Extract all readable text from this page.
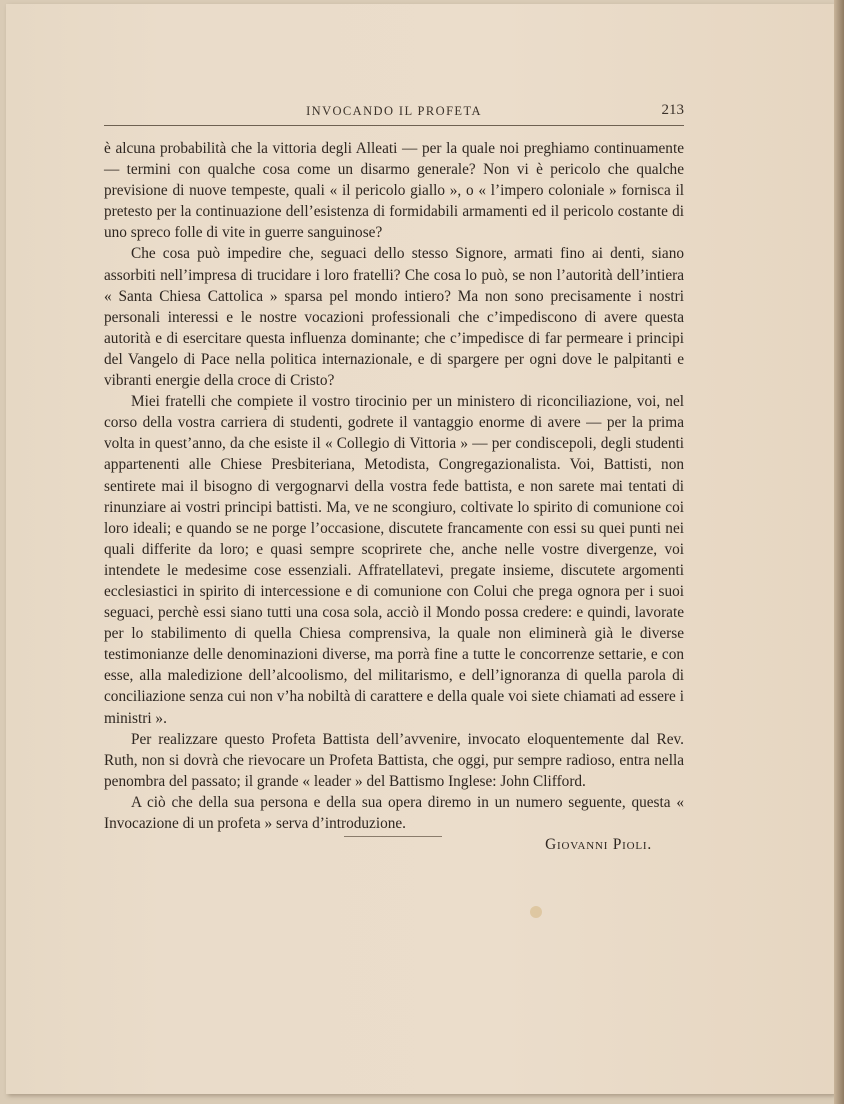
INVOCANDO IL PROFETA	213

è alcuna probabilità che la vittoria degli Alleati — per la quale noi preghiamo continuamente — termini con qualche cosa come un disarmo generale? Non vi è pericolo che qualche previsione di nuove tempeste, quali « il pericolo giallo », o « l’impero coloniale » fornisca il pretesto per la continuazione dell’esistenza di formidabili armamenti ed il pericolo costante di uno spreco folle di vite in guerre sanguinose?

Che cosa può impedire che, seguaci dello stesso Signore, armati fino ai denti, siano assorbiti nell’impresa di trucidare i loro fratelli? Che cosa lo può, se non l’autorità dell’intiera « Santa Chiesa Cattolica » sparsa pel mondo intiero? Ma non sono precisamente i nostri personali interessi e le nostre vocazioni professionali che c’impediscono di avere questa autorità e di esercitare questa influenza dominante; che c’impedisce di far permeare i principi del Vangelo di Pace nella politica internazionale, e di spargere per ogni dove le palpitanti e vibranti energie della croce di Cristo?

Miei fratelli che compiete il vostro tirocinio per un ministero di riconciliazione, voi, nel corso della vostra carriera di studenti, godrete il vantaggio enorme di avere — per la prima volta in quest’anno, da che esiste il « Collegio di Vittoria » — per condiscepoli, degli studenti appartenenti alle Chiese Presbiteriana, Metodista, Congregazionalista. Voi, Battisti, non sentirete mai il bisogno di vergognarvi della vostra fede battista, e non sarete mai tentati di rinunziare ai vostri principi battisti. Ma, ve ne scongiuro, coltivate lo spirito di comunione coi loro ideali; e quando se ne porge l’occasione, discutete francamente con essi su quei punti nei quali differite da loro; e quasi sempre scoprirete che, anche nelle vostre divergenze, voi intendete le medesime cose essenziali. Affratellatevi, pregate insieme, discutete argomenti ecclesiastici in spirito di intercessione e di comunione con Colui che prega ognora per i suoi seguaci, perchè essi siano tutti una cosa sola, acciò il Mondo possa credere: e quindi, lavorate per lo stabilimento di quella Chiesa comprensiva, la quale non eliminerà già le diverse testimonianze delle denominazioni diverse, ma porrà fine a tutte le concorrenze settarie, e con esse, alla maledizione dell’alcoolismo, del militarismo, e dell’ignoranza di quella parola di conciliazione senza cui non v’ha nobiltà di carattere e della quale voi siete chiamati ad essere i ministri ».

Per realizzare questo Profeta Battista dell’avvenire, invocato eloquentemente dal Rev. Ruth, non si dovrà che rievocare un Profeta Battista, che oggi, pur sempre radioso, entra nella penombra del passato; il grande « leader » del Battismo Inglese: John Clifford.

A ciò che della sua persona e della sua opera diremo in un numero seguente, questa « Invocazione di un profeta » serva d’introduzione.

Giovanni Pioli.
